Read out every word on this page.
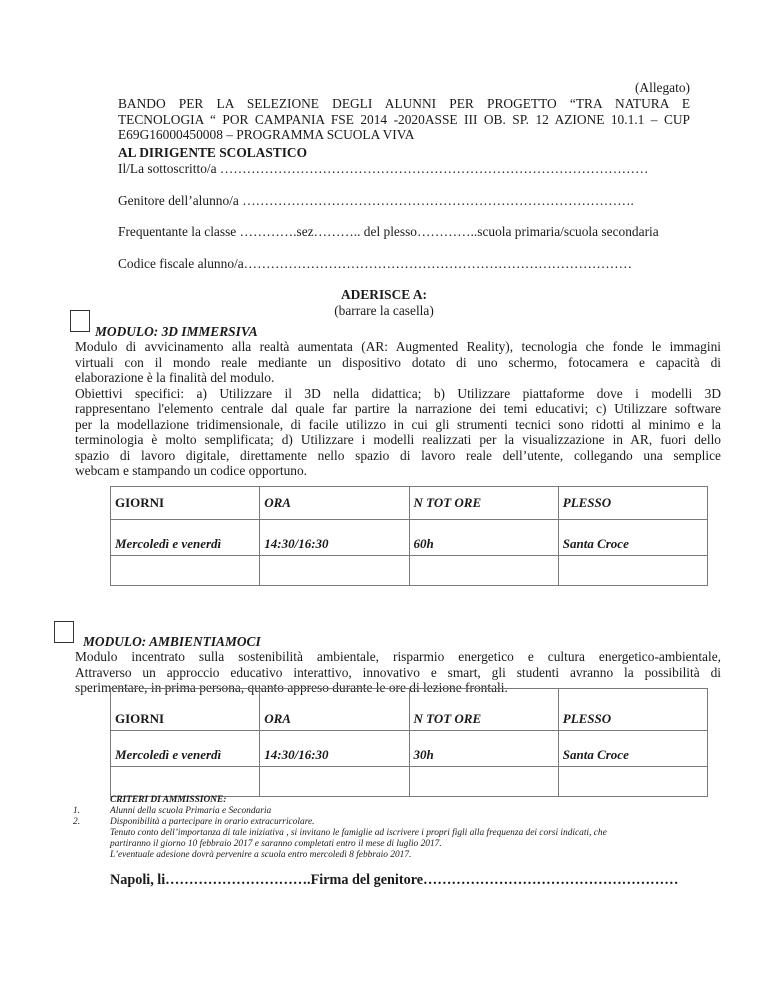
(Allegato)
BANDO PER LA SELEZIONE DEGLI ALUNNI PER PROGETTO “TRA NATURA E
TECNOLOGIA “ POR CAMPANIA FSE 2014 -2020ASSE III OB. SP. 12 AZIONE 10.1.1 – CUP
E69G16000450008 – PROGRAMMA SCUOLA VIVA
AL DIRIGENTE SCOLASTICO
Il/La sottoscritto/a ……………………………………………………………………………………
Genitore dell’alunno/a …………………………………………………………………………….
Frequentante la classe ………….sez……….. del plesso…………..scuola primaria/scuola secondaria
Codice fiscale alunno/a……………………………………………………………………………
ADERISCE A:
(barrare la casella)
MODULO: 3D IMMERSIVA
Modulo di avvicinamento alla realtà aumentata (AR: Augmented Reality), tecnologia che fonde le immagini
virtuali con il mondo reale mediante un dispositivo dotato di uno schermo, fotocamera e capacità di
elaborazione è la finalità del modulo.
Obiettivi specifici: a) Utilizzare il 3D nella didattica; b) Utilizzare piattaforme dove i modelli 3D
rappresentano l'elemento centrale dal quale far partire la narrazione dei temi educativi; c) Utilizzare software
per la modellazione tridimensionale, di facile utilizzo in cui gli strumenti tecnici sono ridotti al minimo e la
terminologia è molto semplificata; d) Utilizzare i modelli realizzati per la visualizzazione in AR, fuori dello
spazio di lavoro digitale, direttamente nello spazio di lavoro reale dell’utente, collegando una semplice
webcam e stampando un codice opportuno.
GIORNI	ORA	N TOT ORE	PLESSO
Mercoledì e venerdì	14:30/16:30	60h	Santa Croce

MODULO: AMBIENTIAMOCI
Modulo incentrato sulla sostenibilità ambientale, risparmio energetico e cultura energetico-ambientale,
Attraverso un approccio educativo interattivo, innovativo e smart, gli studenti avranno la possibilità di
sperimentare, in prima persona, quanto appreso durante le ore di lezione frontali.
GIORNI	ORA	N TOT ORE	PLESSO
Mercoledì e venerdì	14:30/16:30	30h	Santa Croce

CRITERI DI AMMISSIONE:
1.	Alunni della scuola Primaria e Secondaria
2.	Disponibilità a partecipare in orario extracurricolare.
Tenuto conto dell’importanza di tale iniziativa , si invitano le famiglie ad iscrivere i propri figli alla frequenza dei corsi indicati, che
partiranno il giorno 10 febbraio 2017 e saranno completati entro il mese di luglio 2017.
L’eventuale adesione dovrà pervenire a scuola entro mercoledì 8 febbraio 2017.
Napoli, li………………………….Firma del genitore………………………………………………
